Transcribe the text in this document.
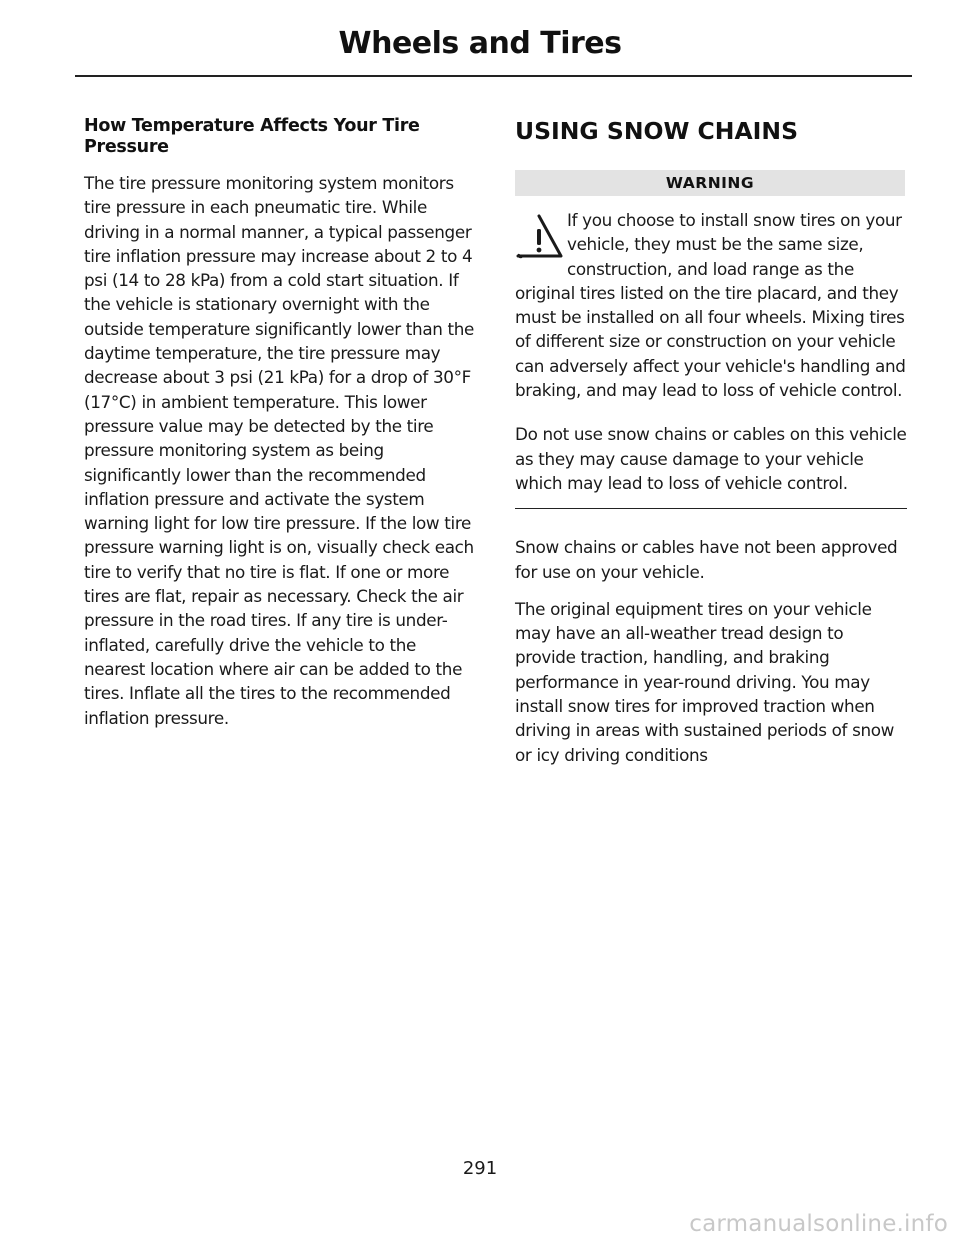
Wheels and Tires
How Temperature Affects Your Tire Pressure

The tire pressure monitoring system monitors tire pressure in each pneumatic tire. While driving in a normal manner, a typical passenger tire inflation pressure may increase about 2 to 4 psi (14 to 28 kPa) from a cold start situation. If the vehicle is stationary overnight with the outside temperature significantly lower than the daytime temperature, the tire pressure may decrease about 3 psi (21 kPa) for a drop of 30°F (17°C) in ambient temperature. This lower pressure value may be detected by the tire pressure monitoring system as being significantly lower than the recommended inflation pressure and activate the system warning light for low tire pressure. If the low tire pressure warning light is on, visually check each tire to verify that no tire is flat. If one or more tires are flat, repair as necessary. Check the air pressure in the road tires. If any tire is under-inflated, carefully drive the vehicle to the nearest location where air can be added to the tires. Inflate all the tires to the recommended inflation pressure.

USING SNOW CHAINS
WARNING

If you choose to install snow tires on your vehicle, they must be the same size, construction, and load range as the original tires listed on the tire placard, and they must be installed on all four wheels. Mixing tires of different size or construction on your vehicle can adversely affect your vehicle's handling and braking, and may lead to loss of vehicle control.

Do not use snow chains or cables on this vehicle as they may cause damage to your vehicle which may lead to loss of vehicle control.

Snow chains or cables have not been approved for use on your vehicle.

The original equipment tires on your vehicle may have an all-weather tread design to provide traction, handling, and braking performance in year-round driving. You may install snow tires for improved traction when driving in areas with sustained periods of snow or icy driving conditions

291
carmanualsonline.info
